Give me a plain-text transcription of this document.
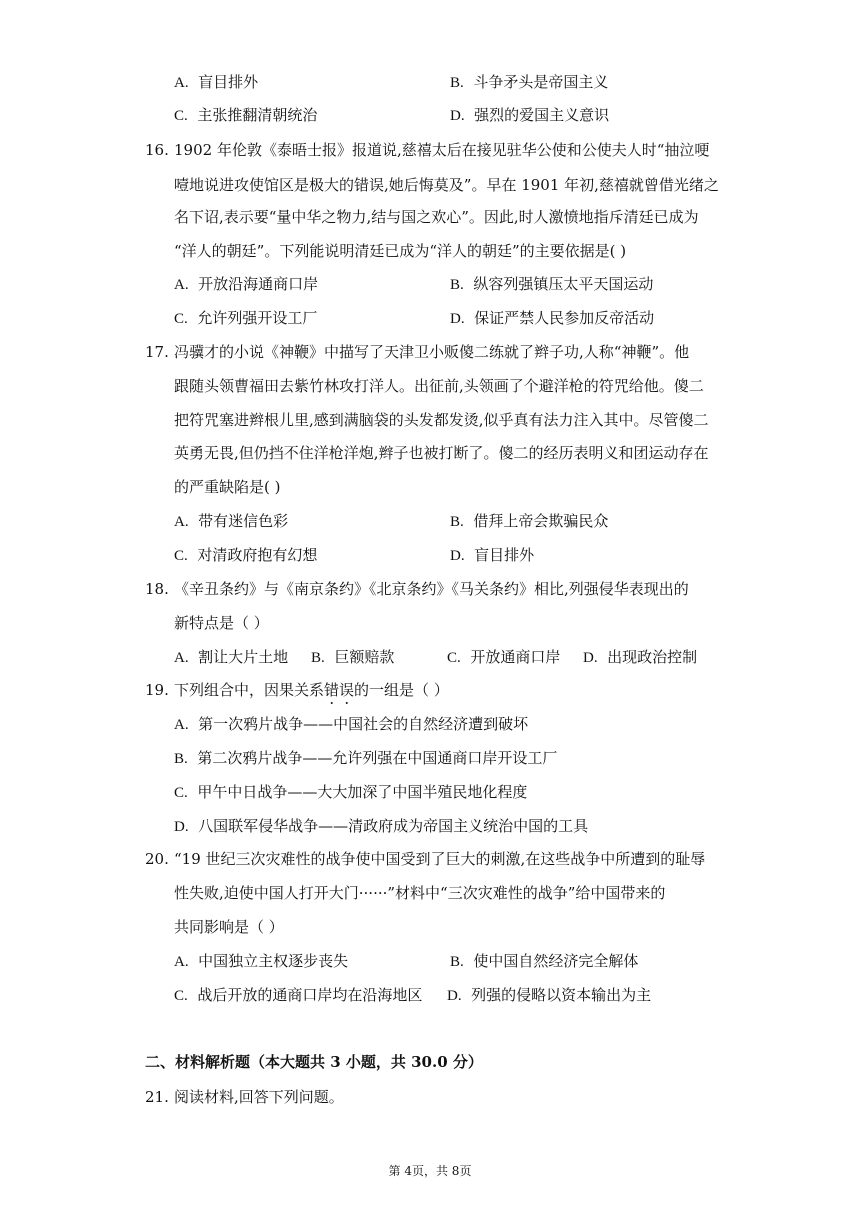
A. 盲目排外	B. 斗争矛头是帝国主义
C. 主张推翻清朝统治	D. 强烈的爱国主义意识
16. 1902 年伦敦《泰晤士报》报道说,慈禧太后在接见驻华公使和公使夫人时“抽泣哽
噎地说进攻使馆区是极大的错误,她后悔莫及”。早在 1901 年初,慈禧就曾借光绪之
名下诏,表示要“量中华之物力,结与国之欢心”。因此,时人激愤地指斥清廷已成为
“洋人的朝廷”。下列能说明清廷已成为“洋人的朝廷”的主要依据是( )
A. 开放沿海通商口岸	B. 纵容列强镇压太平天国运动
C. 允许列强开设工厂	D. 保证严禁人民参加反帝活动
17. 冯骥才的小说《神鞭》中描写了天津卫小贩傻二练就了辫子功,人称“神鞭”。他
跟随头领曹福田去紫竹林攻打洋人。出征前,头领画了个避洋枪的符咒给他。傻二
把符咒塞进辫根儿里,感到满脑袋的头发都发烫,似乎真有法力注入其中。尽管傻二
英勇无畏,但仍挡不住洋枪洋炮,辫子也被打断了。傻二的经历表明义和团运动存在
的严重缺陷是( )
A. 带有迷信色彩	B. 借拜上帝会欺骗民众
C. 对清政府抱有幻想	D. 盲目排外
18. 《辛丑条约》与《南京条约》《北京条约》《马关条约》相比,列强侵华表现出的
新特点是（ ）
A. 割让大片土地 B. 巨额赔款	C. 开放通商口岸 D. 出现政治控制
19. 下列组合中，因果关系错误的一组是（ ）
A. 第一次鸦片战争——中国社会的自然经济遭到破坏
B. 第二次鸦片战争——允许列强在中国通商口岸开设工厂
C. 甲午中日战争——大大加深了中国半殖民地化程度
D. 八国联军侵华战争——清政府成为帝国主义统治中国的工具
20. “19 世纪三次灾难性的战争使中国受到了巨大的刺激,在这些战争中所遭到的耻辱
性失败,迫使中国人打开大门······”材料中“三次灾难性的战争”给中国带来的
共同影响是（ ）
A. 中国独立主权逐步丧失	B. 使中国自然经济完全解体
C. 战后开放的通商口岸均在沿海地区 D. 列强的侵略以资本输出为主
二、材料解析题（本大题共 3 小题，共 30.0 分）
21. 阅读材料,回答下列问题。
第 4页，共 8页
